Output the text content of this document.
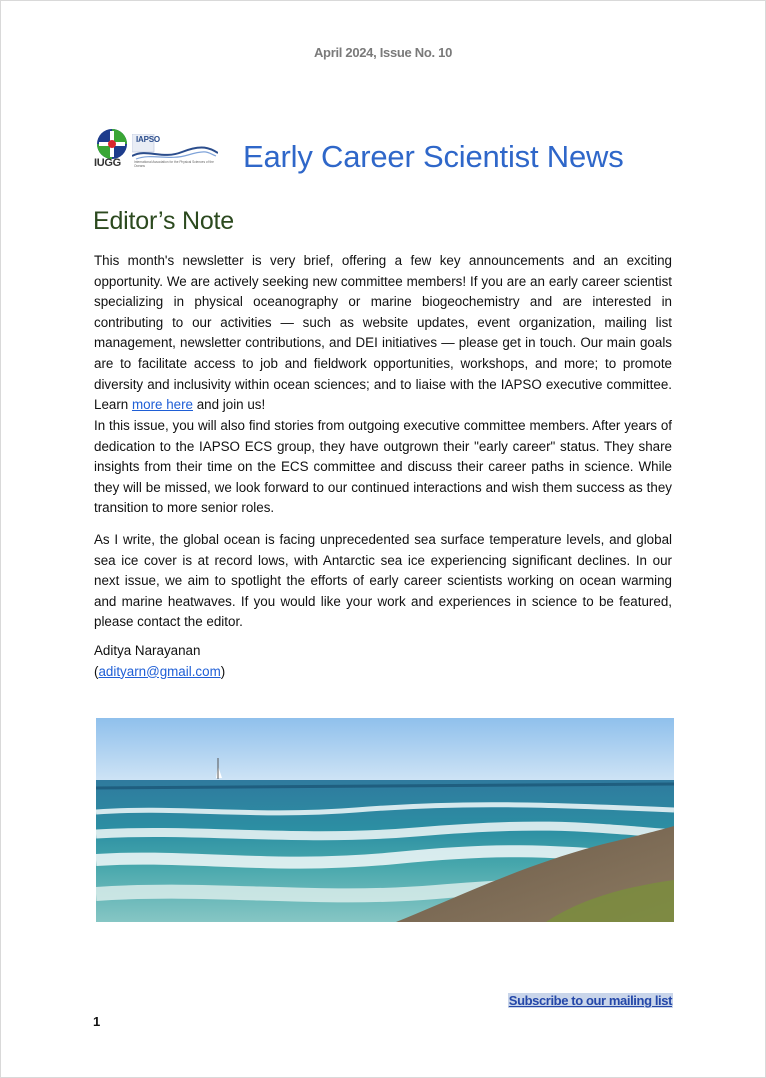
April 2024, Issue No. 10
IUGG
IAPSO
International Association for the Physical Sciences of the Oceans	Early Career Scientist News
Editor’s Note
This month's newsletter is very brief, offering a few key announcements and an exciting opportunity. We are actively seeking new committee members! If you are an early career scientist specializing in physical oceanography or marine biogeochemistry and are interested in contributing to our activities — such as website updates, event organization, mailing list management, newsletter contributions, and DEI initiatives — please get in touch. Our main goals are to facilitate access to job and fieldwork opportunities, workshops, and more; to promote diversity and inclusivity within ocean sciences; and to liaise with the IAPSO executive committee. Learn more here and join us!
In this issue, you will also find stories from outgoing executive committee members. After years of dedication to the IAPSO ECS group, they have outgrown their "early career" status. They share insights from their time on the ECS committee and discuss their career paths in science. While they will be missed, we look forward to our continued interactions and wish them success as they transition to more senior roles.
As I write, the global ocean is facing unprecedented sea surface temperature levels, and global sea ice cover is at record lows, with Antarctic sea ice experiencing significant declines. In our next issue, we aim to spotlight the efforts of early career scientists working on ocean warming and marine heatwaves. If you would like your work and experiences in science to be featured, please contact the editor.
Aditya Narayanan
(adityarn@gmail.com)
Subscribe to our mailing list
1
